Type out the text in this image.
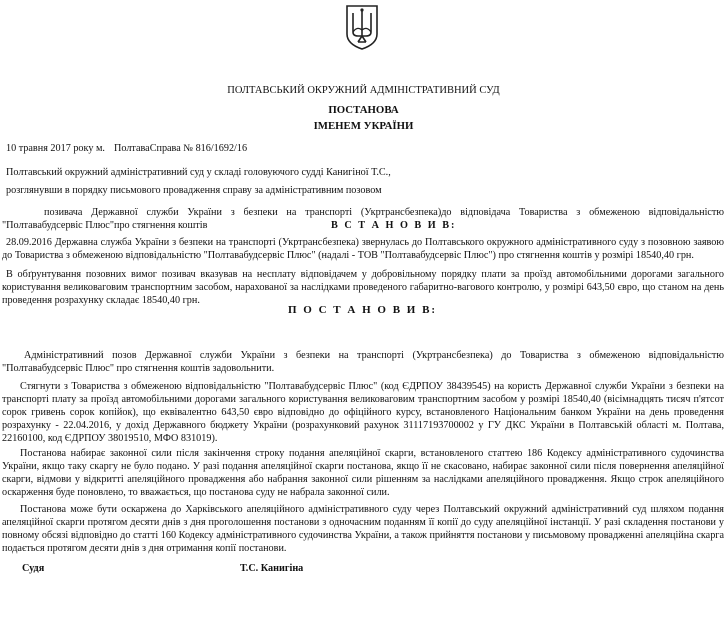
ПОЛТАВСЬКИЙ ОКРУЖНИЙ АДМІНІСТРАТИВНИЙ СУД
ПОСТАНОВА
ІМЕНЕМ УКРАЇНИ
10 травня 2017 року м. ПолтаваСправа № 816/1692/16
Полтавський окружний адміністративний суд у складі головуючого судді Канигіної Т.С.,
розглянувши в порядку письмового провадження справу за адміністративним позовом

позивача Державної служби України з безпеки на транспорті (Укртрансбезпека)до відповідача Товариства з обмеженою відповідальністю "Полтавабудсервіс Плюс"про стягнення коштів	В С Т А Н О В И В:

28.09.2016 Державна служба України з безпеки на транспорті (Укртрансбезпека) звернулась до Полтавського окружного адміністративного суду з позовною заявою до Товариства з обмеженою відповідальністю "Полтавабудсервіс Плюс" (надалі - ТОВ "Полтавабудсервіс Плюс") про стягнення коштів у розмірі 18540,40 грн.

В обґрунтування позовних вимог позивач вказував на несплату відповідачем у добровільному порядку плати за проїзд автомобільними дорогами загального користування великоваговим транспортним засобом, нарахованої за наслідками проведеного габаритно-вагового контролю, у розмірі 643,50 євро, що станом на день проведення розрахунку складає 18540,40 грн.

П О С Т А Н О В И В:

Адміністративний позов Державної служби України з безпеки на транспорті (Укртрансбезпека) до Товариства з обмеженою відповідальністю "Полтавабудсервіс Плюс" про стягнення коштів задовольнити.

Стягнути з Товариства з обмеженою відповідальністю "Полтавабудсервіс Плюс" (код ЄДРПОУ 38439545) на користь Державної служби України з безпеки на транспорті плату за проїзд автомобільними дорогами загального користування великоваговим транспортним засобом у розмірі 18540,40 (вісімнадцять тисяч п'ятсот сорок гривень сорок копійок), що еквівалентно 643,50 євро відповідно до офіційного курсу, встановленого Національним банком України на день проведення розрахунку - 22.04.2016, у дохід Державного бюджету України (розрахунковий рахунок 31117193700002 у ГУ ДКС України в Полтавській області м. Полтава, 22160100, код ЄДРПОУ 38019510, МФО 831019).

Постанова набирає законної сили після закінчення строку подання апеляційної скарги, встановленого статтею 186 Кодексу адміністративного судочинства України, якщо таку скаргу не було подано. У разі подання апеляційної скарги постанова, якщо її не скасовано, набирає законної сили після повернення апеляційної скарги, відмови у відкритті апеляційного провадження або набрання законної сили рішенням за наслідками апеляційного провадження. Якщо строк апеляційного оскарження буде поновлено, то вважається, що постанова суду не набрала законної сили.

Постанова може бути оскаржена до Харківського апеляційного адміністративного суду через Полтавський окружний адміністративний суд шляхом подання апеляційної скарги протягом десяти днів з дня проголошення постанови з одночасним поданням її копії до суду апеляційної інстанції. У разі складення постанови у повному обсязі відповідно до статті 160 Кодексу адміністративного судочинства України, а також прийняття постанови у письмовому провадженні апеляційна скарга подається протягом десяти днів з дня отримання копії постанови.

Судя	Т.С. Канигіна
